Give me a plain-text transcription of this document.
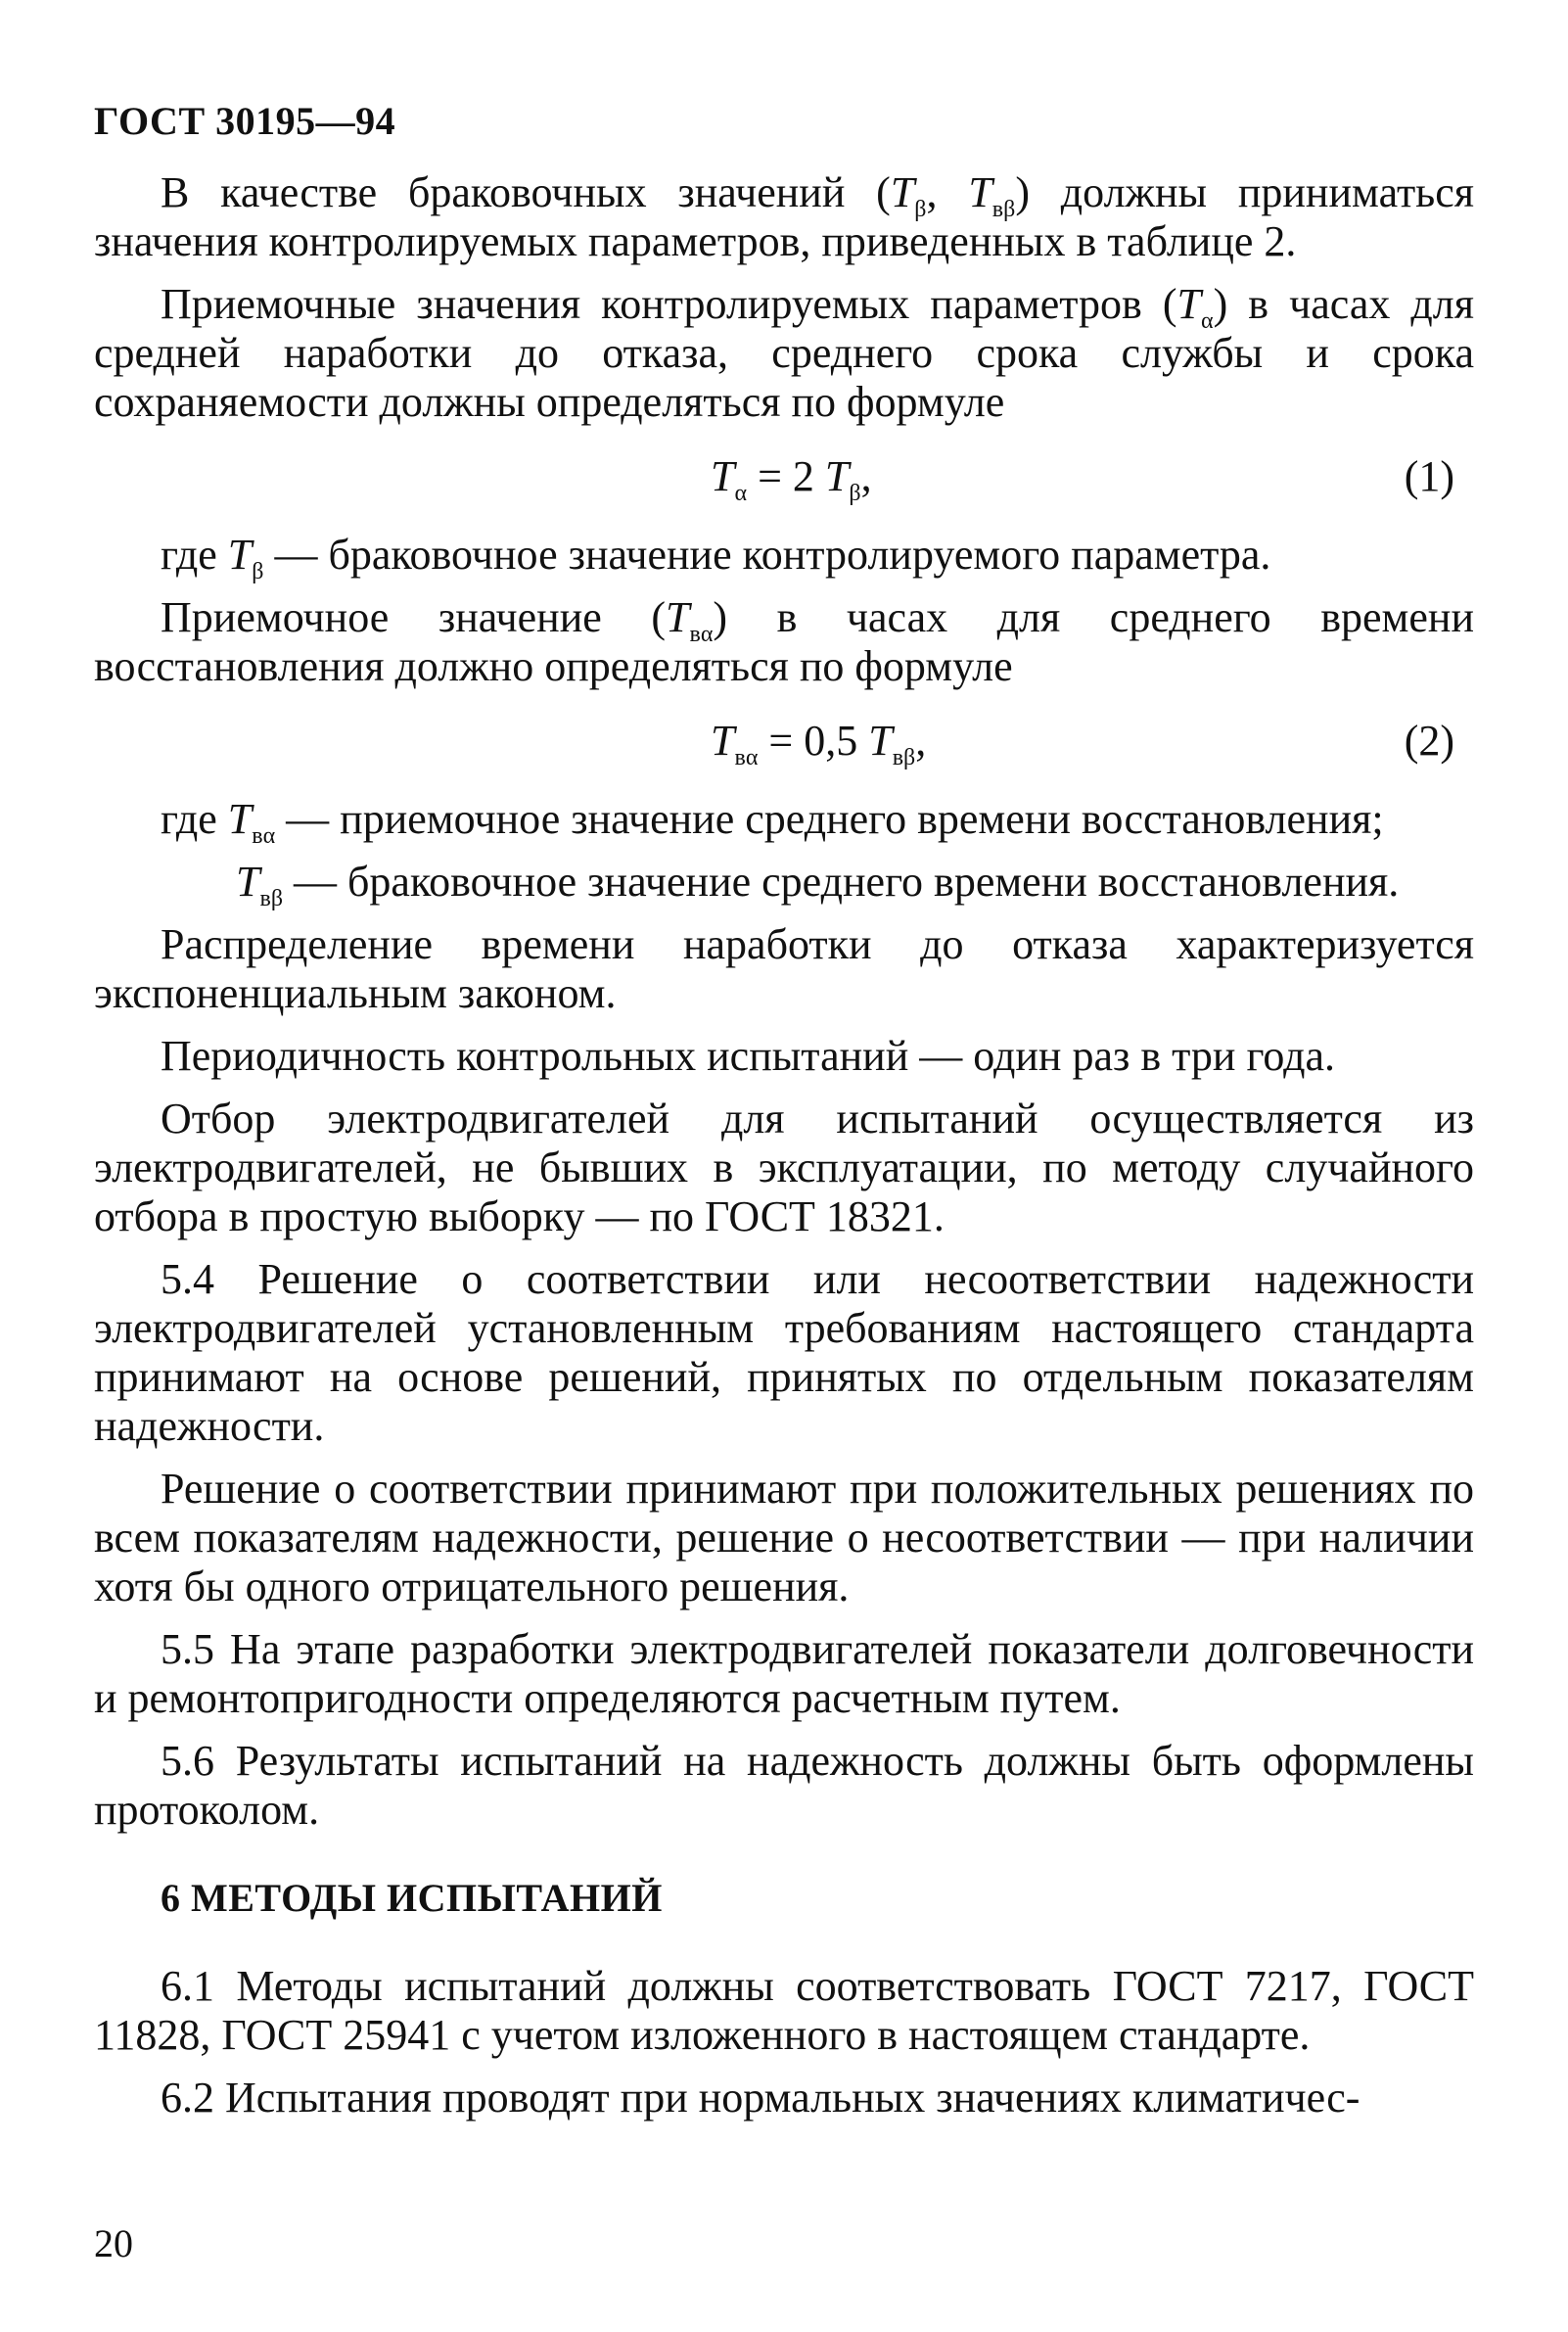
ГОСТ 30195—94

В качестве браковочных значений ($T_\beta$, $T_{в\beta}$) должны приниматься значения контролируемых параметров, приведенных в таблице 2.

Приемочные значения контролируемых параметров $(T_\alpha)$ в часах для средней наработки до отказа, среднего срока службы и срока сохраняемости должны определяться по формуле

$T_\alpha = 2$ $T_\beta$,	(1)

где $T_\beta$ — браковочное значение контролируемого параметра.

Приемочное значение $(T_{в\alpha})$ в часах для среднего времени восстановления должно определяться по формуле

$T_{в\alpha} = 0,5$ $T_{в\beta}$,	(2)

где $T_{в\alpha}$ — приемочное значение среднего времени восстановления;

$T_{в\beta}$ — браковочное значение среднего времени восстановления.

Распределение времени наработки до отказа характеризуется экспоненциальным законом.

Периодичность контрольных испытаний — один раз в три года.

Отбор электродвигателей для испытаний осуществляется из электродвигателей, не бывших в эксплуатации, по методу случайного отбора в простую выборку — по ГОСТ 18321.

5.4 Решение о соответствии или несоответствии надежности электродвигателей установленным требованиям настоящего стандарта принимают на основе решений, принятых по отдельным показателям надежности.

Решение о соответствии принимают при положительных решениях по всем показателям надежности, решение о несоответствии — при наличии хотя бы одного отрицательного решения.

5.5 На этапе разработки электродвигателей показатели долговечности и ремонтопригодности определяются расчетным путем.

5.6 Результаты испытаний на надежность должны быть оформлены протоколом.

6 МЕТОДЫ ИСПЫТАНИЙ

6.1 Методы испытаний должны соответствовать ГОСТ 7217, ГОСТ 11828, ГОСТ 25941 с учетом изложенного в настоящем стандарте.

6.2 Испытания проводят при нормальных значениях климатичес-

20
